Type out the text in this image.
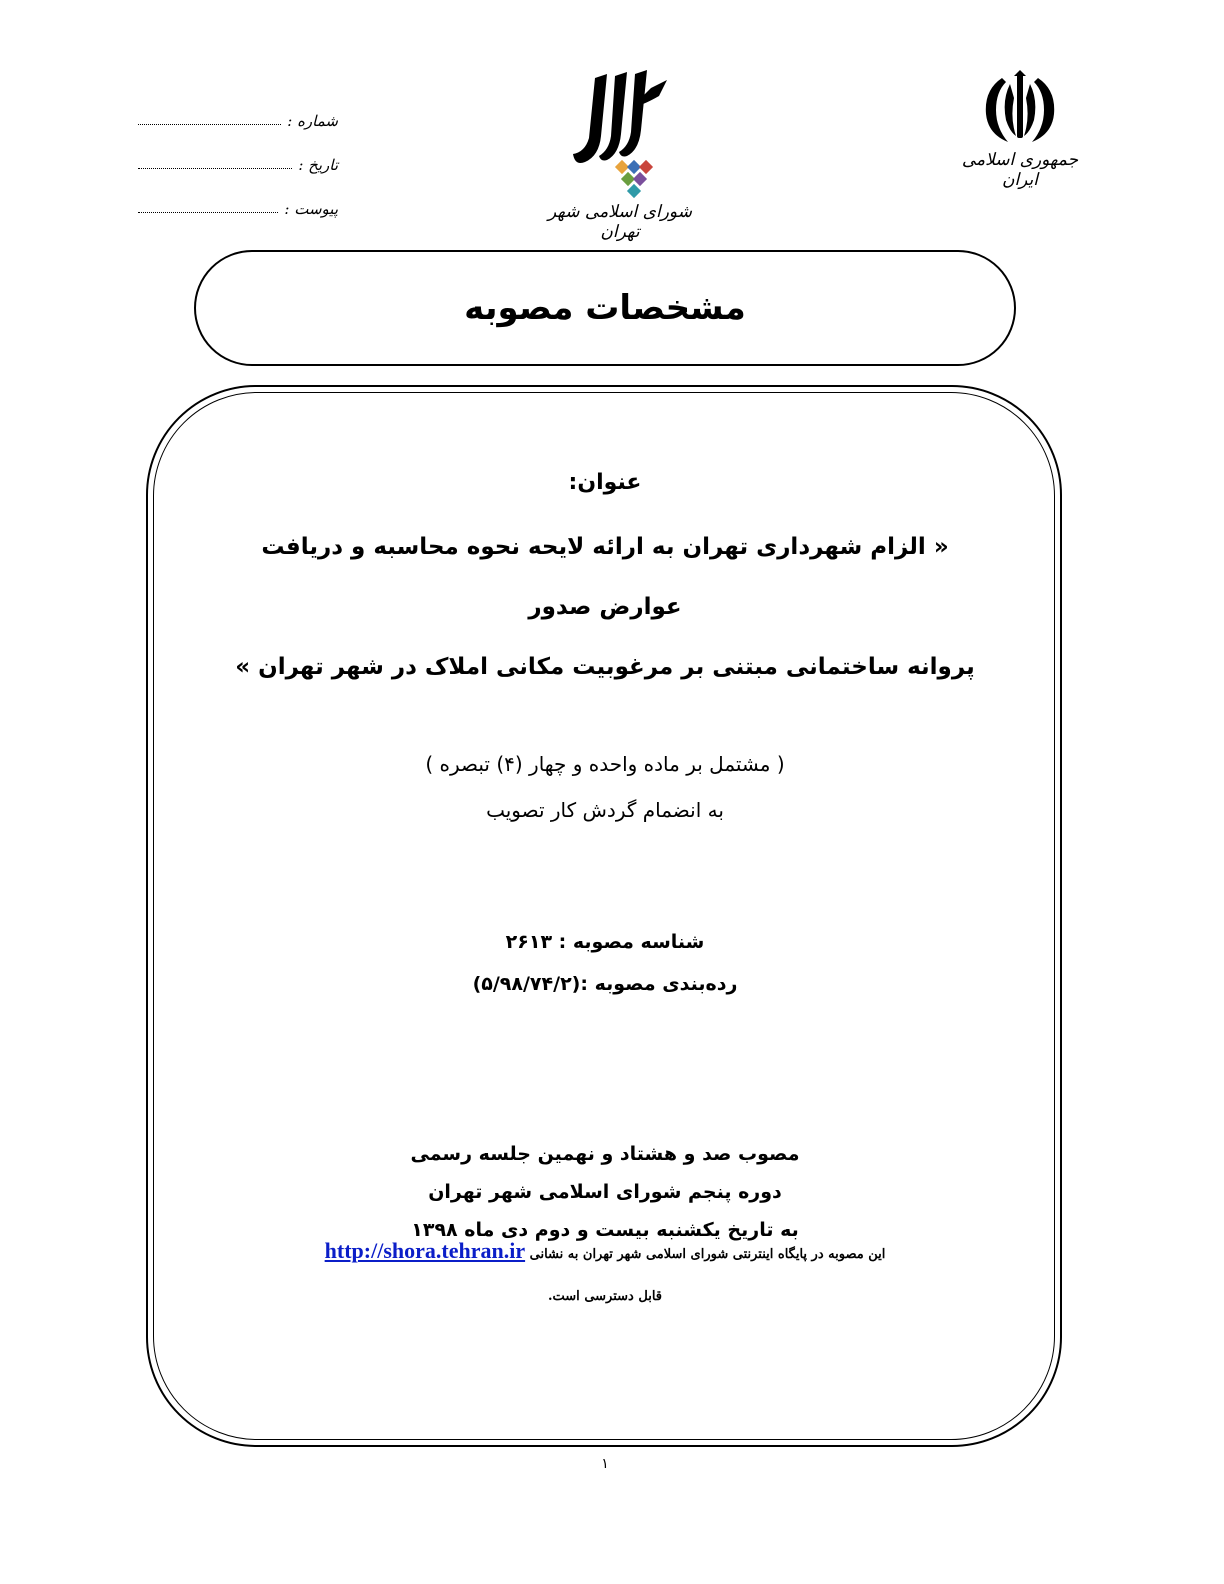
شماره :
تاریخ :
پیوست :	شورای اسلامی شهر تهران
جمهوری اسلامی ایران
مشخصات مصوبه
عنوان:
« الزام شهرداری تهران به ارائه لایحه نحوه محاسبه و دریافت عوارض صدور
پروانه ساختمانی مبتنی بر مرغوبیت مکانی املاک در شهر تهران »
( مشتمل بر ماده واحده و چهار (۴) تبصره )
به انضمام گردش کار تصویب
شناسه مصوبه : ۲۶۱۳
رده‌بندی مصوبه :(۵/۹۸/۷۴/۲)
مصوب صد و هشتاد و نهمین جلسه رسمی
دوره پنجم شورای اسلامی شهر تهران
به تاریخ یکشنبه بیست و دوم دی ماه ۱۳۹۸
این مصوبه در پایگاه اینترنتی شورای اسلامی شهر تهران به نشانی http://shora.tehran.ir
قابل دسترسی است.
۱
